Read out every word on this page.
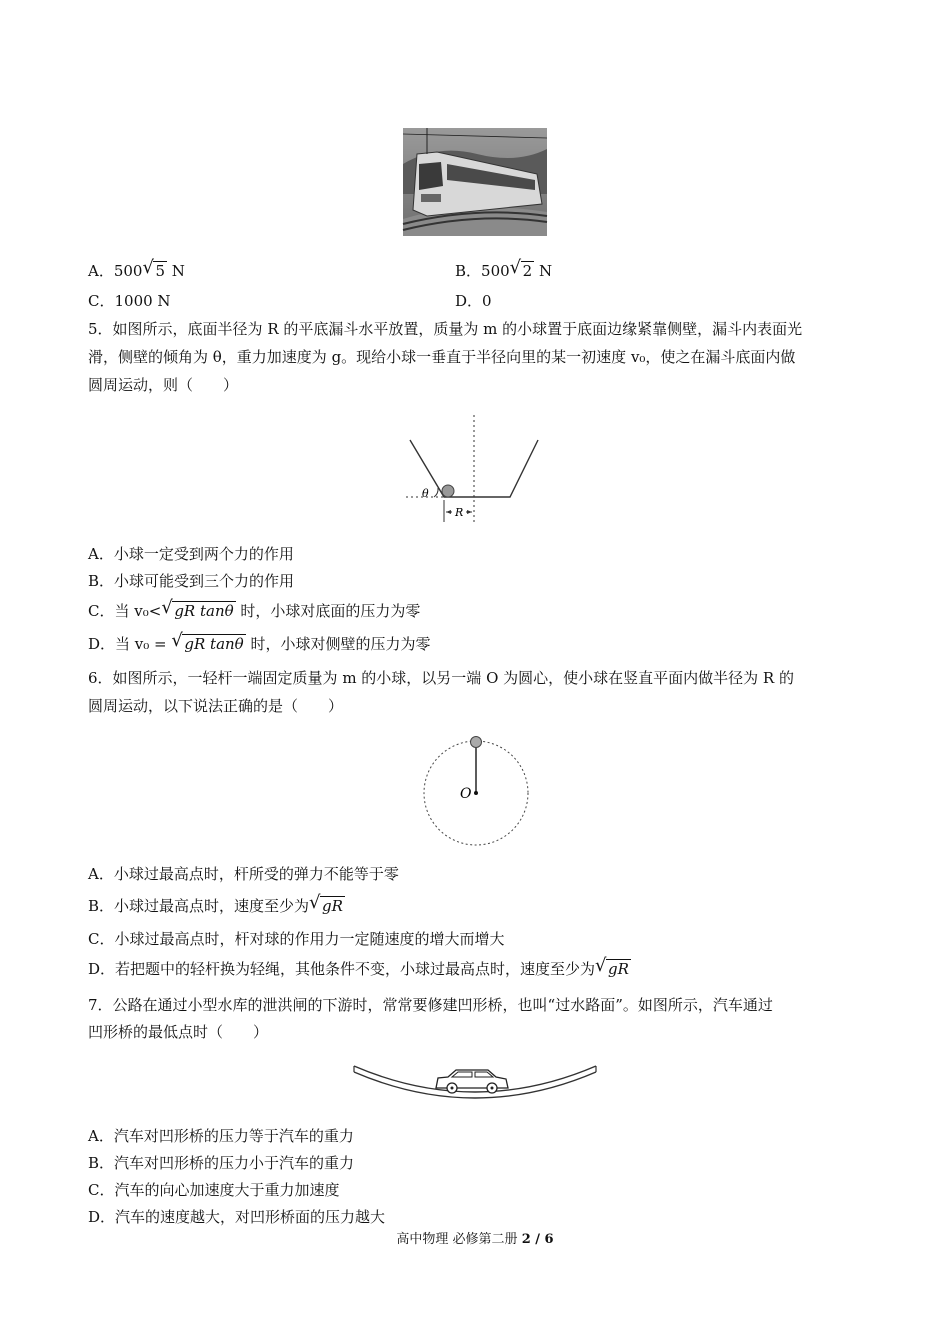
A．500 √ 5 N	B．500 √ 2 N
C．1000 N	D．0
5．如图所示，底面半径为 R 的平底漏斗水平放置，质量为 m 的小球置于底面边缘紧靠侧壁，漏斗内表面光
滑，侧壁的倾角为 θ，重力加速度为 g。现给小球一垂直于半径向里的某一初速度 v₀，使之在漏斗底面内做
圆周运动，则（　　）
θ
R
A．小球一定受到两个力的作用
B．小球可能受到三个力的作用
C．当 v₀< √ gR tanθ 时，小球对底面的压力为零
D．当 v₀ = √ gR tanθ 时，小球对侧壁的压力为零
6．如图所示，一轻杆一端固定质量为 m 的小球，以另一端 O 为圆心，使小球在竖直平面内做半径为 R 的
圆周运动，以下说法正确的是（　　）
O
A．小球过最高点时，杆所受的弹力不能等于零
B．小球过最高点时，速度至少为 √ gR
C．小球过最高点时，杆对球的作用力一定随速度的增大而增大
D．若把题中的轻杆换为轻绳，其他条件不变，小球过最高点时，速度至少为 √ gR
7．公路在通过小型水库的泄洪闸的下游时，常常要修建凹形桥，也叫“过水路面”。如图所示，汽车通过
凹形桥的最低点时（　　）
A．汽车对凹形桥的压力等于汽车的重力
B．汽车对凹形桥的压力小于汽车的重力
C．汽车的向心加速度大于重力加速度
D．汽车的速度越大，对凹形桥面的压力越大
高中物理 必修第二册 2 / 6
